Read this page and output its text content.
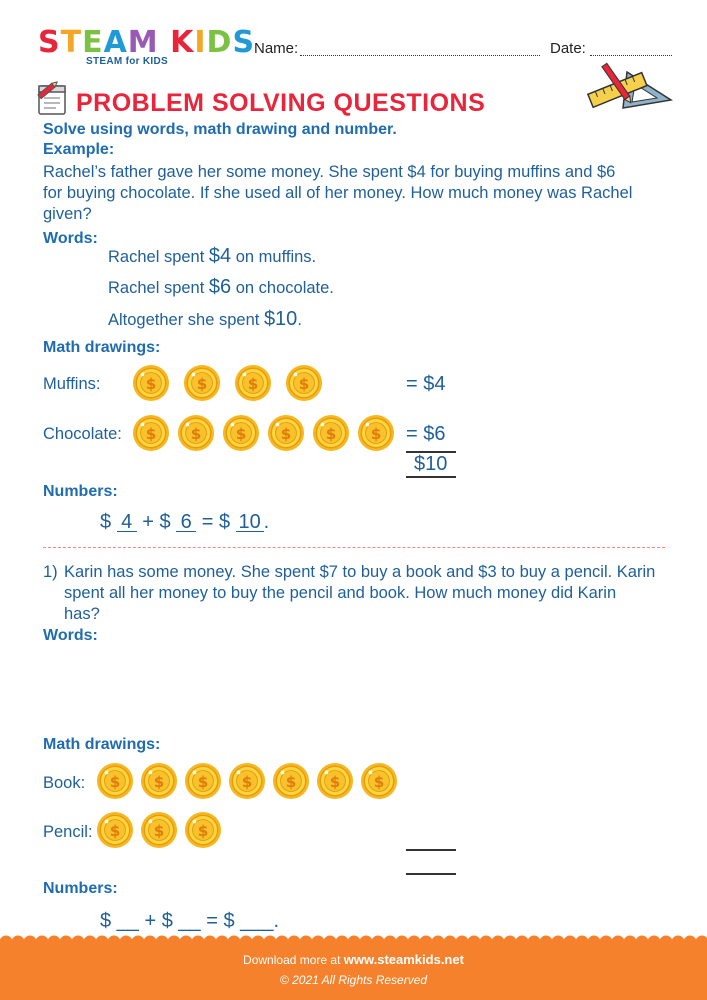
STEAM KIDS
STEAM for KIDS
Name:	Date:
PROBLEM SOLVING QUESTIONS
Solve using words, math drawing and number.
Example:
Rachel’s father gave her some money. She spent $4 for buying muffins and $6
for buying chocolate. If she used all of her money. How much money was Rachel
given?
Words:
Rachel spent $4 on muffins.
Rachel spent $6 on chocolate.
Altogether she spent $10.
Math drawings:
Muffins:	= $4
Chocolate:	= $6
$10
Numbers:
$ 4 + $ 6 = $ 10 .
1) Karin has some money. She spent $7 to buy a book and $3 to buy a pencil. Karin
spent all her money to buy the pencil and book. How much money did Karin
has?
Words:
Math drawings:
Book:
Pencil:
Numbers:
$ __ + $ __ = $ ___.
Download more at www.steamkids.net
© 2021 All Rights Reserved
